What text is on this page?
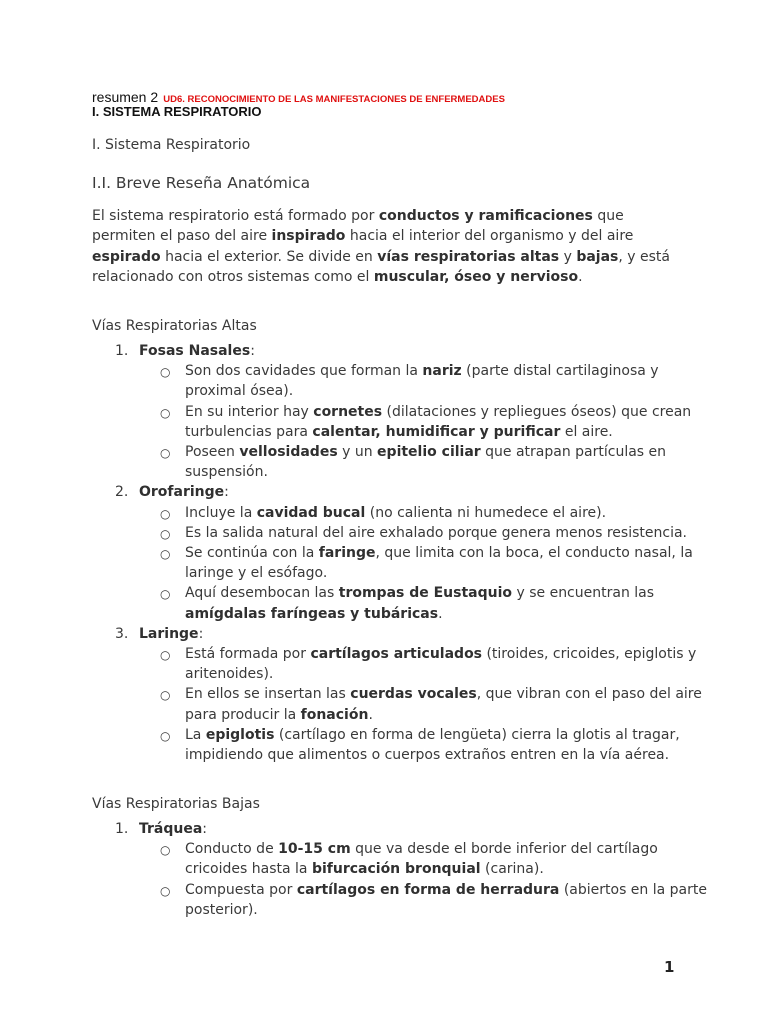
resumen 2 UD6. RECONOCIMIENTO DE LAS MANIFESTACIONES DE ENFERMEDADES
I. SISTEMA RESPIRATORIO
I. Sistema Respiratorio
I.I. Breve Reseña Anatómica

El sistema respiratorio está formado por conductos y ramificaciones que permiten el paso del aire inspirado hacia el interior del organismo y del aire espirado hacia el exterior. Se divide en vías respiratorias altas y bajas, y está relacionado con otros sistemas como el muscular, óseo y nervioso.

Vías Respiratorias Altas
1. Fosas Nasales:
○ Son dos cavidades que forman la nariz (parte distal cartilaginosa y
proximal ósea).
○ En su interior hay cornetes (dilataciones y repliegues óseos) que crean
turbulencias para calentar, humidificar y purificar el aire.
○ Poseen vellosidades y un epitelio ciliar que atrapan partículas en
suspensión.
2. Orofaringe:
○ Incluye la cavidad bucal (no calienta ni humedece el aire).
○ Es la salida natural del aire exhalado porque genera menos resistencia.
○ Se continúa con la faringe, que limita con la boca, el conducto nasal, la
laringe y el esófago.
○ Aquí desembocan las trompas de Eustaquio y se encuentran las
amígdalas faríngeas y tubáricas.
3. Laringe:
○ Está formada por cartílagos articulados (tiroides, cricoides, epiglotis y
aritenoides).
○ En ellos se insertan las cuerdas vocales, que vibran con el paso del aire
para producir la fonación.
○ La epiglotis (cartílago en forma de lengüeta) cierra la glotis al tragar,
impidiendo que alimentos o cuerpos extraños entren en la vía aérea.
Vías Respiratorias Bajas
1. Tráquea:
○ Conducto de 10-15 cm que va desde el borde inferior del cartílago
cricoides hasta la bifurcación bronquial (carina).
○ Compuesta por cartílagos en forma de herradura (abiertos en la parte
posterior).
1
